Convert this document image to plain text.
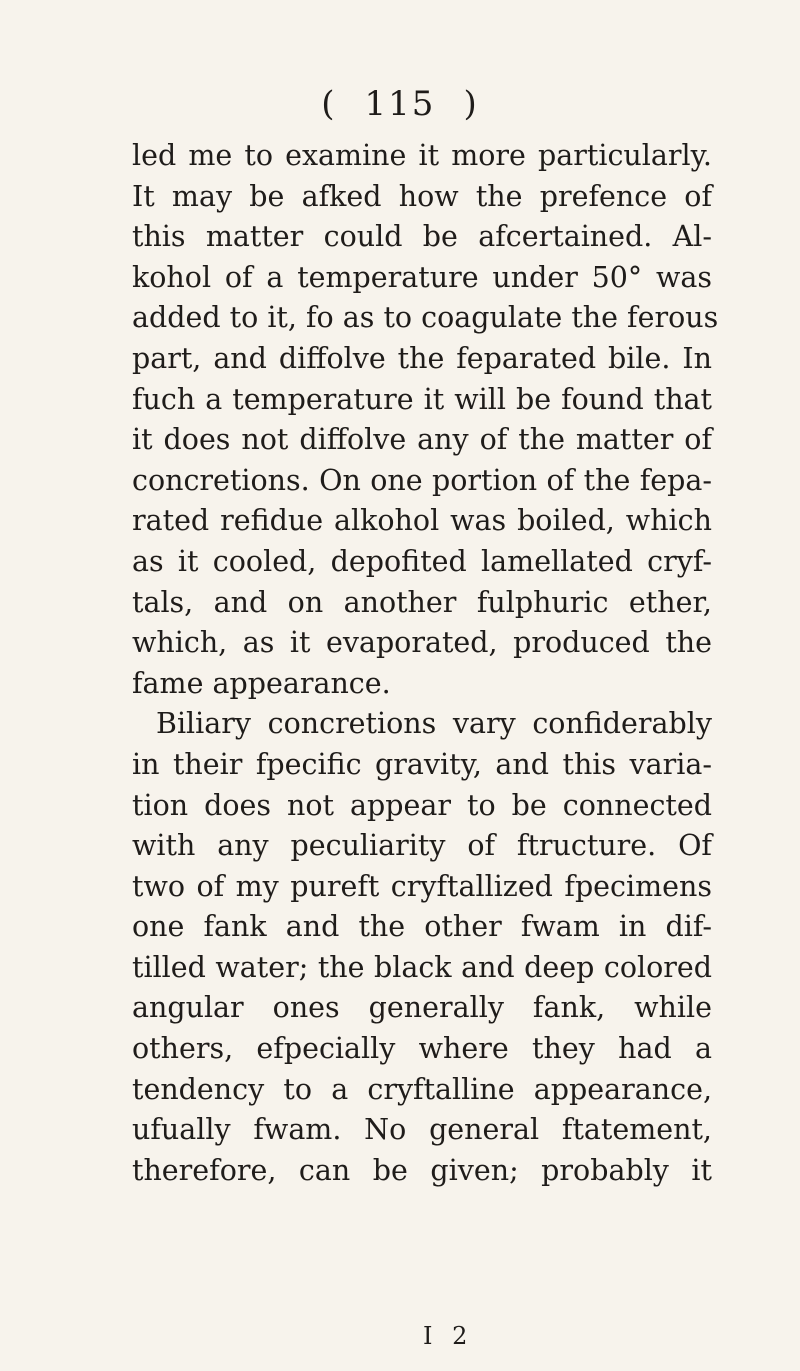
( 115 )
led me to examine it more particularly.
It may be afked how the prefence of
this matter could be afcertained. Al-
kohol of a temperature under 50° was
added to it, fo as to coagulate the ferous
part, and diffolve the feparated bile. In
fuch a temperature it will be found that
it does not diffolve any of the matter of
concretions. On one portion of the fepa-
rated refidue alkohol was boiled, which
as it cooled, depofited lamellated cryf-
tals, and on another fulphuric ether,
which, as it evaporated, produced the
fame appearance.
Biliary concretions vary confiderably
in their fpecific gravity, and this varia-
tion does not appear to be connected
with any peculiarity of ftructure. Of
two of my pureft cryftallized fpecimens
one fank and the other fwam in dif-
tilled water; the black and deep colored
angular ones generally fank, while
others, efpecially where they had a
tendency to a cryftalline appearance,
ufually fwam. No general ftatement,
therefore, can be given; probably it
I 2
